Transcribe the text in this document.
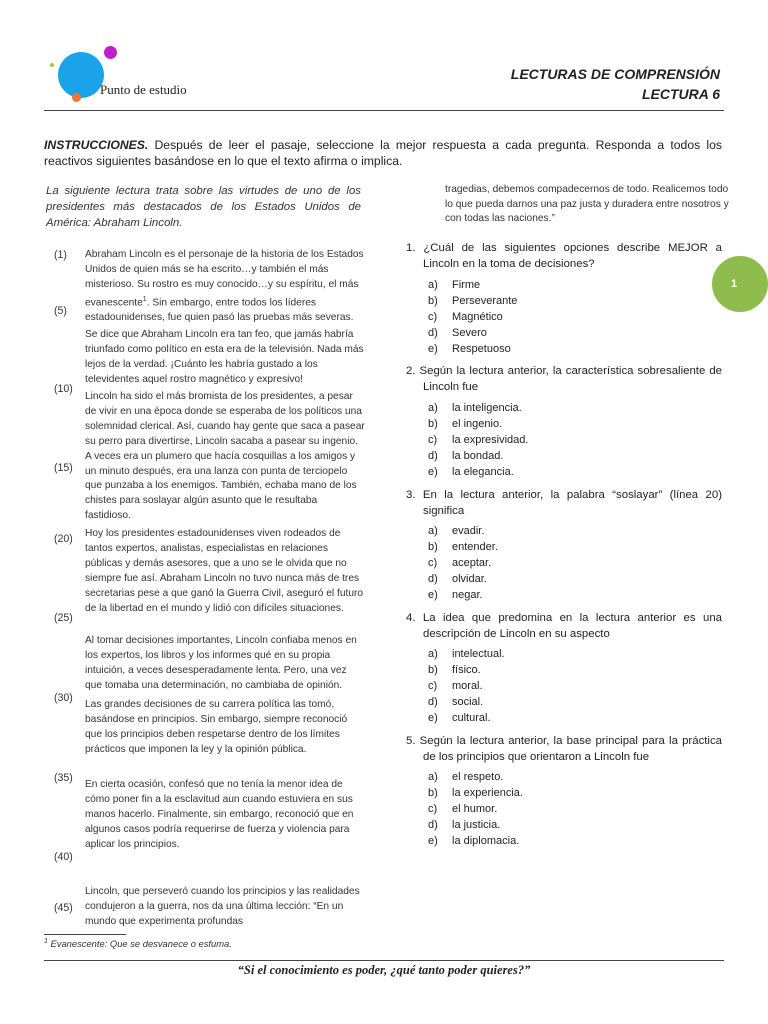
Punto de estudio
LECTURAS DE COMPRENSIÓN
LECTURA 6
INSTRUCCIONES. Después de leer el pasaje, seleccione la mejor respuesta a cada pregunta. Responda a todos los reactivos siguientes basándose en lo que el texto afirma o implica.
La siguiente lectura trata sobre las virtudes de uno de los presidentes más destacados de los Estados Unidos de América: Abraham Lincoln.
(1)
(5)
(10)
(15)
(20)
(25)
(30)
(35)
(40)
(45)
Abraham Lincoln es el personaje de la historia de los Estados Unidos de quien más se ha escrito…y también el más misterioso. Su rostro es muy conocido…y su espíritu, el más evanescente$^1$. Sin embargo, entre todos los líderes estadounidenses, fue quien pasó las pruebas más severas.
Se dice que Abraham Lincoln era tan feo, que jamás habría triunfado como político en esta era de la televisión. Nada más lejos de la verdad. ¡Cuánto les habría gustado a los televidentes aquel rostro magnético y expresivo!
Lincoln ha sido el más bromista de los presidentes, a pesar de vivir en una época donde se esperaba de los políticos una solemnidad clerical. Así, cuando hay gente que saca a pasear su perro para divertirse, Lincoln sacaba a pasear su ingenio. A veces era un plumero que hacía cosquillas a los amigos y un minuto después, era una lanza con punta de terciopelo que punzaba a los enemigos. También, echaba mano de los chistes para soslayar algún asunto que le resultaba fastidioso.
Hoy los presidentes estadounidenses viven rodeados de tantos expertos, analistas, especialistas en relaciones públicas y demás asesores, que a uno se le olvida que no siempre fue así. Abraham Lincoln no tuvo nunca más de tres secretarias pese a que ganó la Guerra Civil, aseguró el futuro de la libertad en el mundo y lidió con difíciles situaciones.
Al tomar decisiones importantes, Lincoln confiaba menos en los expertos, los libros y los informes qué en su propia intuición, a veces desesperadamente lenta. Pero, una vez que tomaba una determinación, no cambiaba de opinión.
Las grandes decisiones de su carrera política las tomó, basándose en principios. Sin embargo, siempre reconoció que los principios deben respetarse dentro de los límites prácticos que imponen la ley y la opinión pública.
En cierta ocasión, confesó que no tenía la menor idea de cómo poner fin a la esclavitud aun cuando estuviera en sus manos hacerlo. Finalmente, sin embargo, reconoció que en algunos casos podría requerirse de fuerza y violencia para aplicar los principios.
Lincoln, que perseveró cuando los principios y las realidades condujeron a la guerra, nos da una última lección: “En un mundo que experimenta profundas
tragedias, debemos compadecernos de todo. Realicemos todo lo que pueda darnos una paz justa y duradera entre nosotros y con todas las naciones.”
1
1. ¿Cuál de las siguientes opciones describe MEJOR a Lincoln en la toma de decisiones?
a) Firme
b) Perseverante
c) Magnético
d) Severo
e) Respetuoso
2. Según la lectura anterior, la característica sobresaliente de Lincoln fue
a) la inteligencia.
b) el ingenio.
c) la expresividad.
d) la bondad.
e) la elegancia.
3. En la lectura anterior, la palabra “soslayar” (línea 20) significa
a) evadir.
b) entender.
c) aceptar.
d) olvidar.
e) negar.
4. La idea que predomina en la lectura anterior es una descripción de Lincoln en su aspecto
a) intelectual.
b) físico.
c) moral.
d) social.
e) cultural.
5. Según la lectura anterior, la base principal para la práctica de los principios que orientaron a Lincoln fue
a) el respeto.
b) la experiencia.
c) el humor.
d) la justicia.
e) la diplomacia.
$^1$ Evanescente: Que se desvanece o esfuma.
“Si el conocimiento es poder, ¿qué tanto poder quieres?”
